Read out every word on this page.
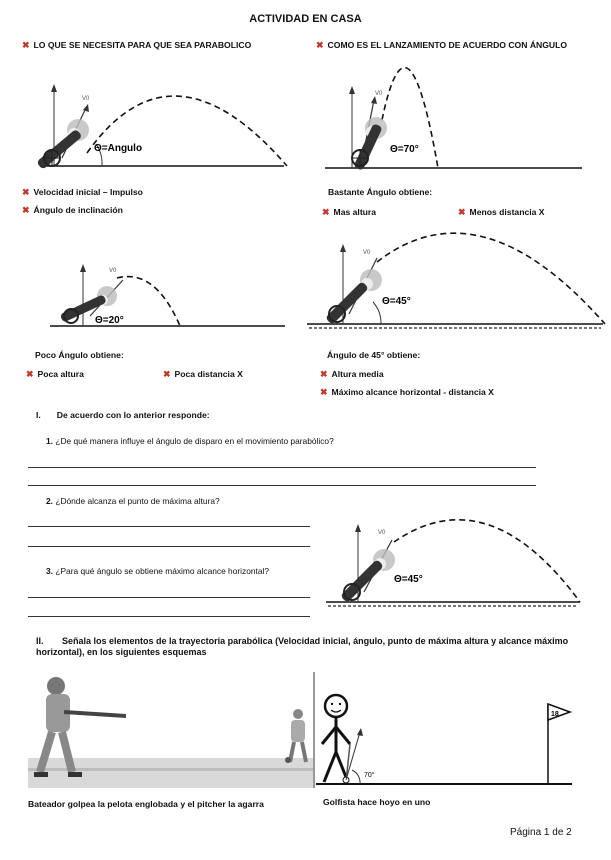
ACTIVIDAD EN CASA
✖ LO QUE SE NECESITA PARA QUE SEA PARABOLICO	✖ COMO ES EL LANZAMIENTO DE ACUERDO CON ÁNGULO
V0
Θ=Angulo
V0
Θ=70°
✖ Velocidad inicial – Impulso
✖ Ángulo de inclinación
Bastante Ángulo obtiene:
✖ Mas altura	✖ Menos distancia X
V0
Θ=20°
V0
Θ=45°
Poco Ángulo obtiene:
✖ Poca altura	✖ Poca distancia X
Ángulo de 45° obtiene:
✖ Altura media
✖ Máximo alcance horizontal - distancia X
I. De acuerdo con lo anterior responde:
1. ¿De qué manera influye el ángulo de disparo en el movimiento parabólico?
2. ¿Dónde alcanza el punto de máxima altura?
3. ¿Para qué ángulo se obtiene máximo alcance horizontal?
V0
Θ=45°
II. Señala los elementos de la trayectoria parabólica (Velocidad inicial, ángulo, punto de máxima altura y alcance máximo horizontal), en los siguientes esquemas
70°
18
Bateador golpea la pelota englobada y el pitcher la agarra	Golfista hace hoyo en uno
Página 1 de 2
